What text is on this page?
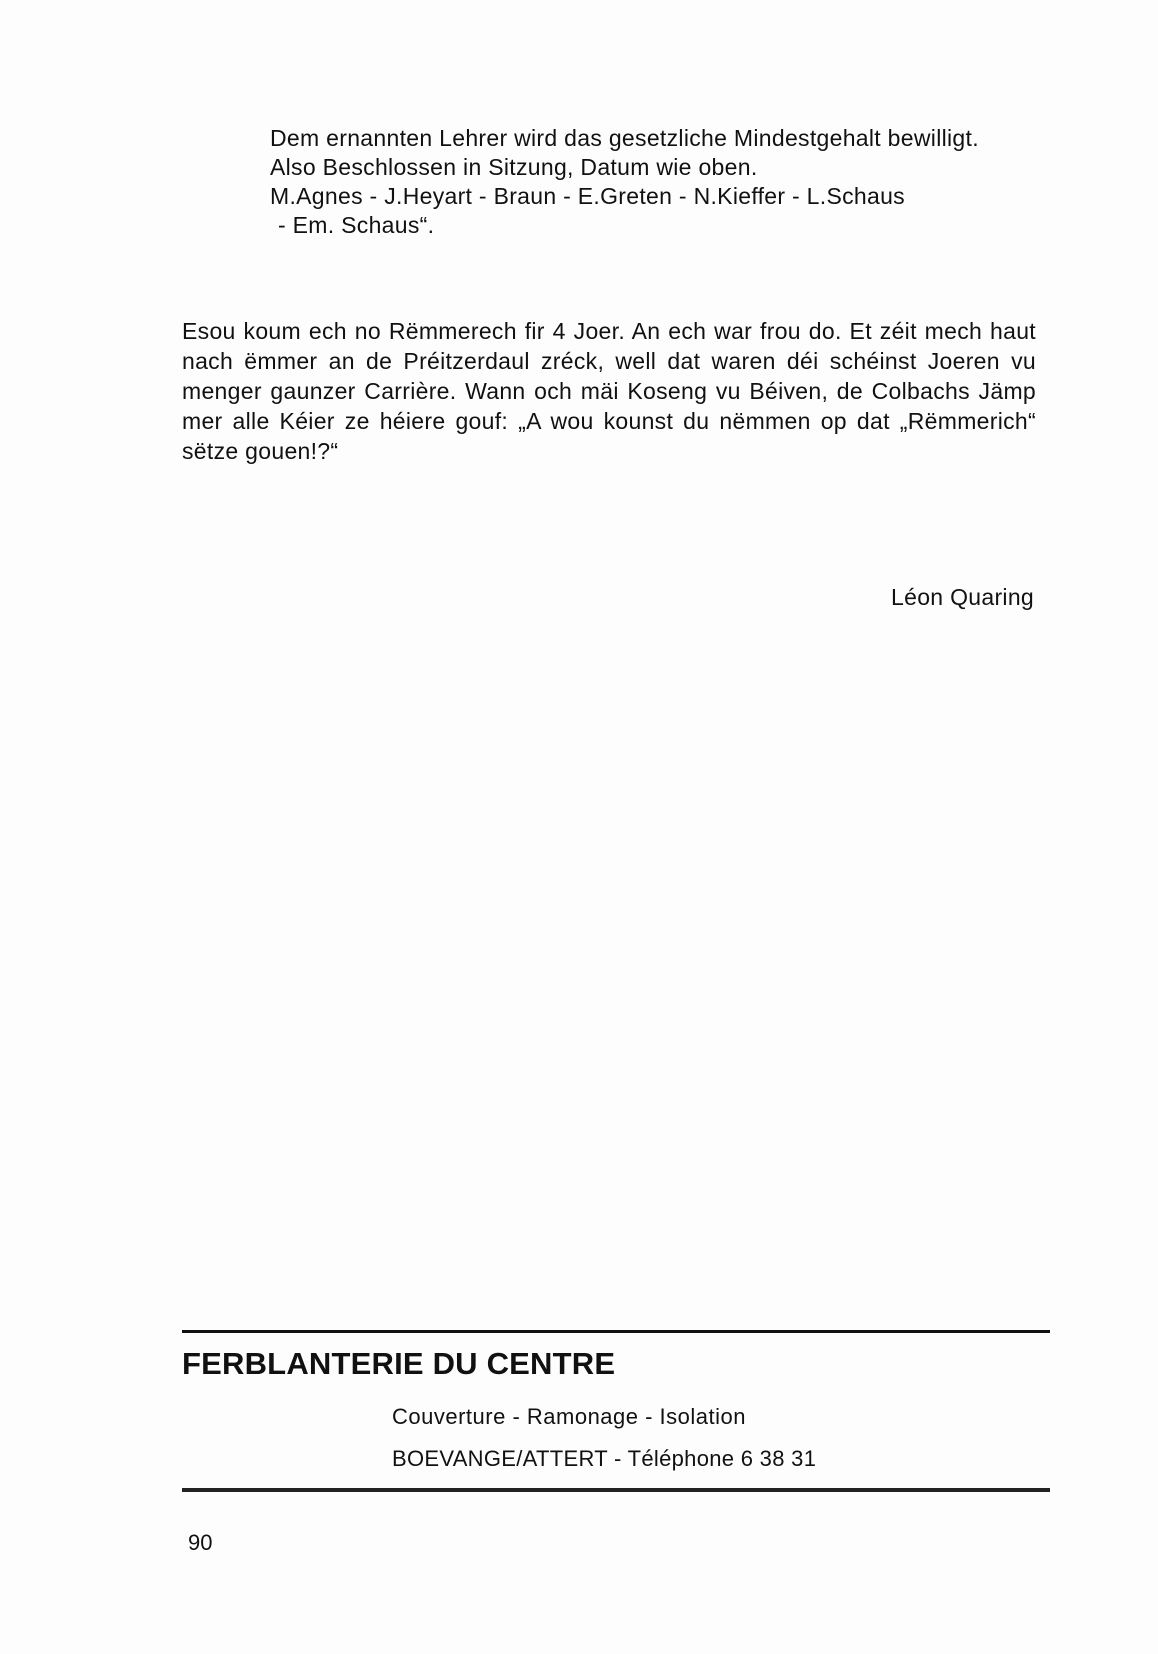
Dem ernannten Lehrer wird das gesetzliche Mindestgehalt bewilligt.

Also Beschlossen in Sitzung, Datum wie oben.

M.Agnes - J.Heyart - Braun - E.Greten - N.Kieffer - L.Schaus

- Em. Schaus“.

Esou koum ech no Rëmmerech fir 4 Joer. An ech war frou do. Et zéit mech haut nach ëmmer an de Préitzerdaul zréck, well dat waren déi schéinst Joeren vu menger gaunzer Carrière. Wann och mäi Koseng vu Béiven, de Colbachs Jämp mer alle Kéier ze héiere gouf: „A wou kounst du nëmmen op dat „Rëmmerich“ sëtze gouen!?“

Léon Quaring

FERBLANTERIE DU CENTRE

Couverture - Ramonage - Isolation

BOEVANGE/ATTERT - Téléphone 6 38 31

90
